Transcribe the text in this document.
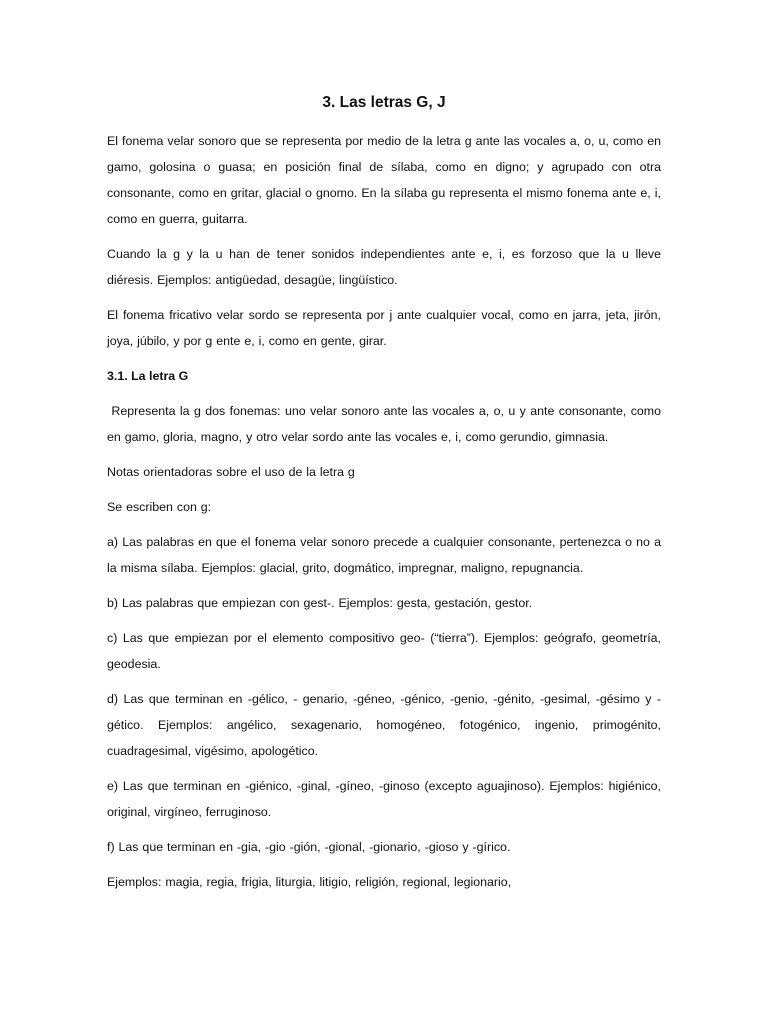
3. Las letras G, J
El fonema velar sonoro que se representa por medio de la letra g ante las vocales a, o, u, como en gamo, golosina o guasa; en posición final de sílaba, como en digno; y agrupado con otra consonante, como en gritar, glacial o gnomo. En la sílaba gu representa el mismo fonema ante e, i, como en guerra, guitarra.
Cuando la g y la u han de tener sonidos independientes ante e, i, es forzoso que la u lleve diéresis. Ejemplos: antigüedad, desagüe, lingüístico.
El fonema fricativo velar sordo se representa por j ante cualquier vocal, como en jarra, jeta, jirón, joya, júbilo, y por g ente e, i, como en gente, girar.
3.1. La letra G
Representa la g dos fonemas: uno velar sonoro ante las vocales a, o, u y ante consonante, como en gamo, gloria, magno, y otro velar sordo ante las vocales e, i, como gerundio, gimnasia.
Notas orientadoras sobre el uso de la letra g
Se escriben con g:
a) Las palabras en que el fonema velar sonoro precede a cualquier consonante, pertenezca o no a la misma sílaba. Ejemplos: glacial, grito, dogmático, impregnar, maligno, repugnancia.
b) Las palabras que empiezan con gest-. Ejemplos: gesta, gestación, gestor.
c) Las que empiezan por el elemento compositivo geo- (“tierra”). Ejemplos: geógrafo, geometría, geodesia.
d) Las que terminan en -gélico, - genario, -géneo, -génico, -genio, -génito, -gesimal, -gésimo y -gético. Ejemplos: angélico, sexagenario, homogéneo, fotogénico, ingenio, primogénito, cuadragesimal, vigésimo, apologético.
e) Las que terminan en -giénico, -ginal, -gíneo, -ginoso (excepto aguajinoso). Ejemplos: higiénico, original, virgíneo, ferruginoso.
f) Las que terminan en -gia, -gio -gión, -gional, -gionario, -gioso y -gírico.
Ejemplos: magia, regia, frigia, liturgia, litigio, religión, regional, legionario,
